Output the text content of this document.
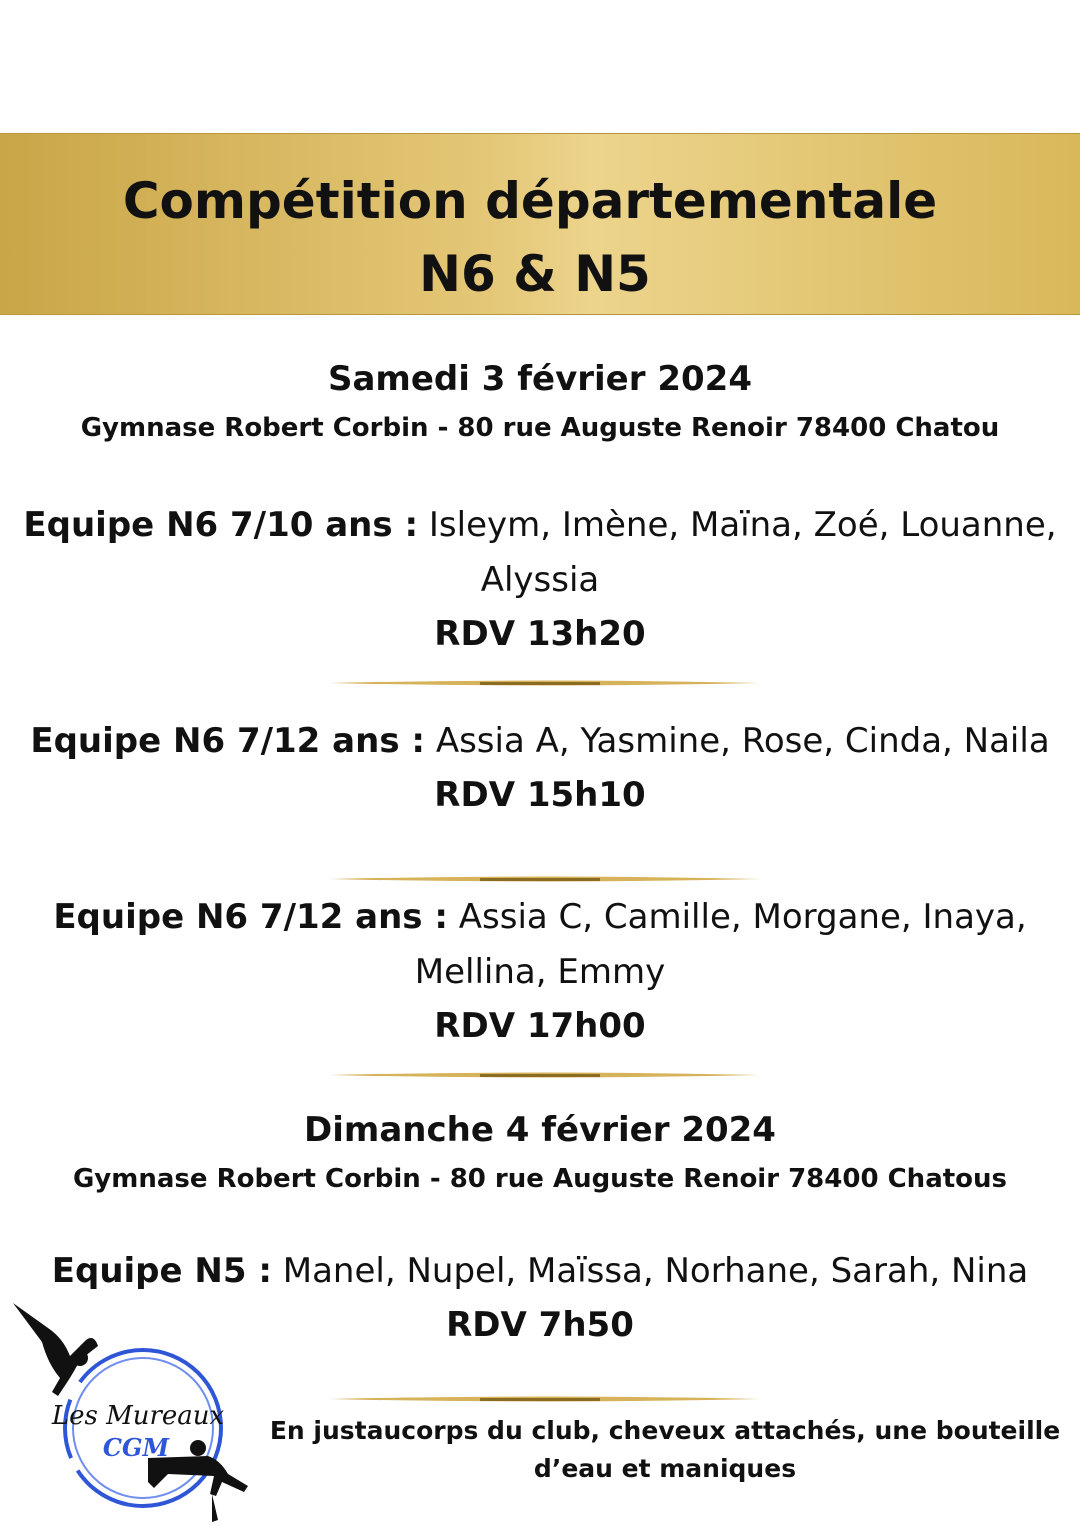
Compétition départementale
N6 & N5
Samedi 3 février 2024
Gymnase Robert Corbin - 80 rue Auguste Renoir 78400 Chatou
Equipe N6 7/10 ans : Isleym, Imène, Maïna, Zoé, Louanne,
Alyssia
RDV 13h20
Equipe N6 7/12 ans : Assia A, Yasmine, Rose, Cinda, Naila
RDV 15h10
Equipe N6 7/12 ans : Assia C, Camille, Morgane, Inaya,
Mellina, Emmy
RDV 17h00
Dimanche 4 février 2024
Gymnase Robert Corbin - 80 rue Auguste Renoir 78400 Chatous
Equipe N5 : Manel, Nupel, Maïssa, Norhane, Sarah, Nina
RDV 7h50
En justaucorps du club, cheveux attachés, une bouteille
d’eau et maniques
Les Mureaux
CGM
